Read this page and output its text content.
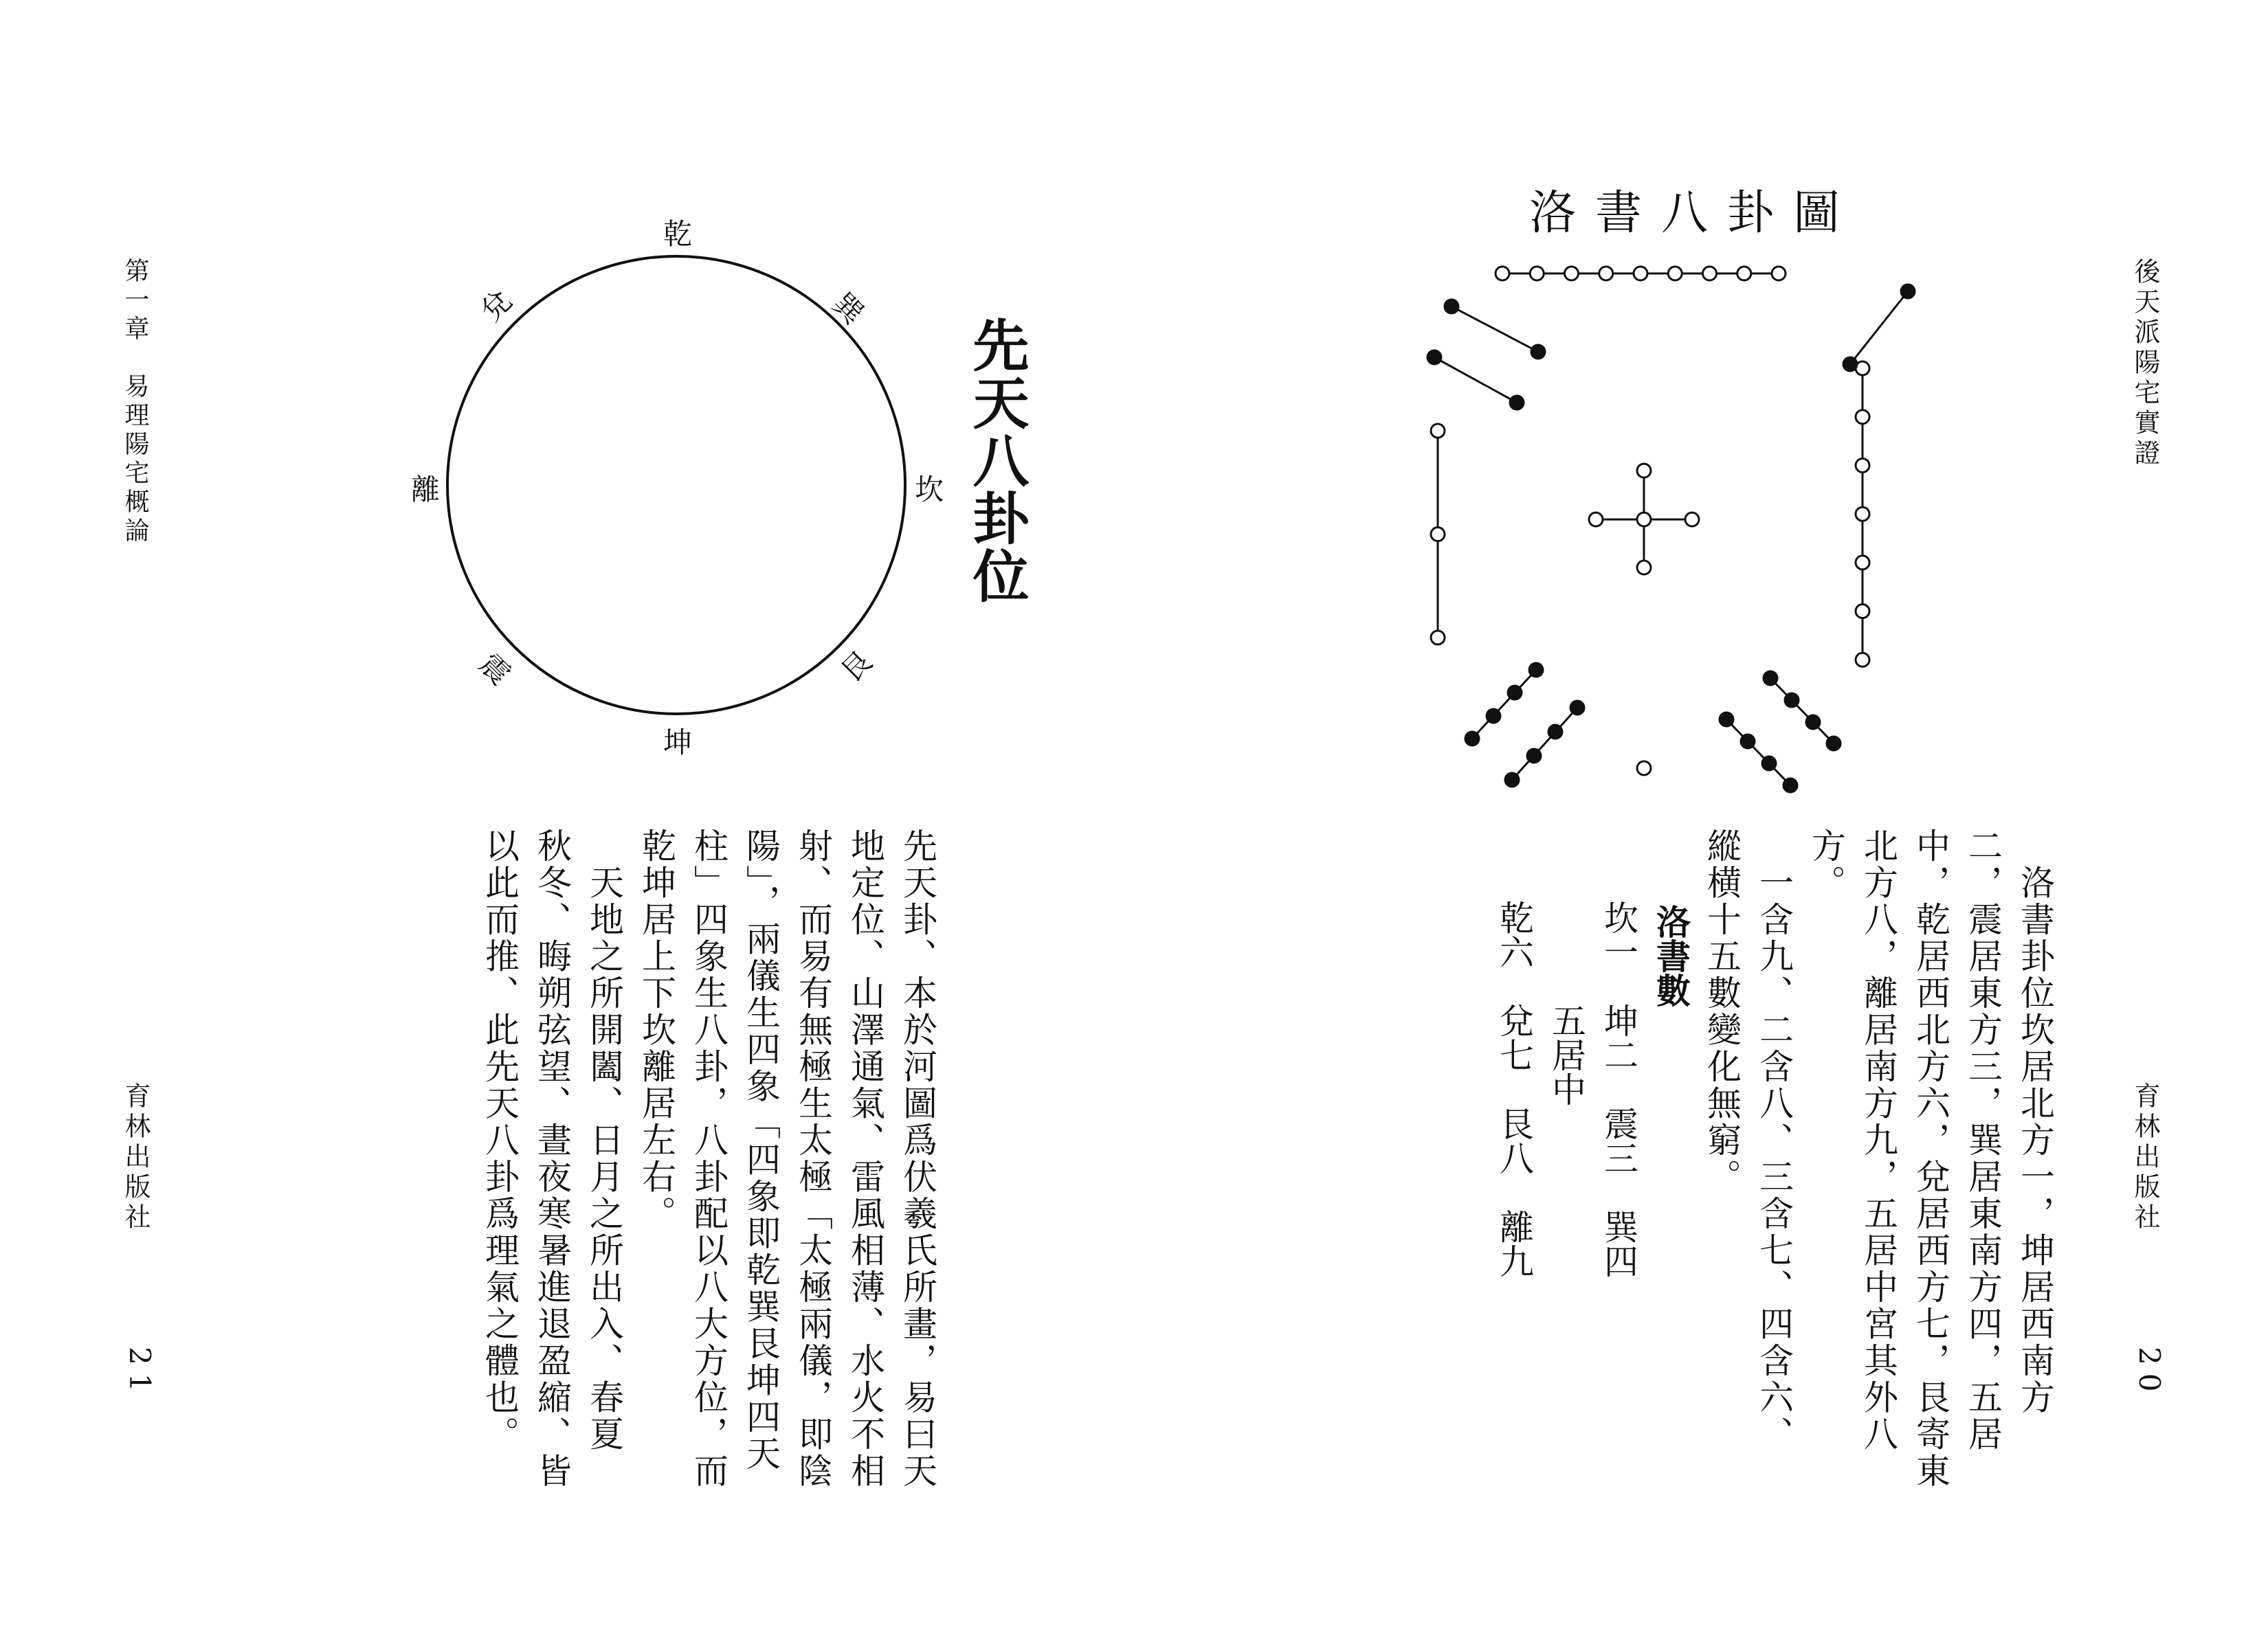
第一章　易理陽宅概論
育林出版社
21
先天八卦位
乾
巽
坎
艮
坤
震
離
兌
先天卦、本於河圖爲伏羲氏所畫，易曰天
地定位、山澤通氣、雷風相薄、水火不相
射、而易有無極生太極「太極兩儀，即陰
陽」，兩儀生四象「四象即乾巽艮坤四天
柱」四象生八卦，八卦配以八大方位，而
乾坤居上下坎離居左右。
　天地之所開闔、日月之所出入、春夏
秋冬、晦朔弦望、晝夜寒暑進退盈縮、皆
以此而推、此先天八卦爲理氣之體也。
後天派陽宅實證
育林出版社
20
洛書八卦圖
　洛書卦位坎居北方一，坤居西南方
二，震居東方三，巽居東南方四，五居
中，乾居西北方六，兌居西方七，艮寄東
北方八，離居南方九，五居中宮其外八
方。
　一含九、二含八、三含七、四含六、
縱横十五數變化無窮。
洛書數
坎一　坤二　震三　巽四
五居中
乾六　兌七　艮八　離九
